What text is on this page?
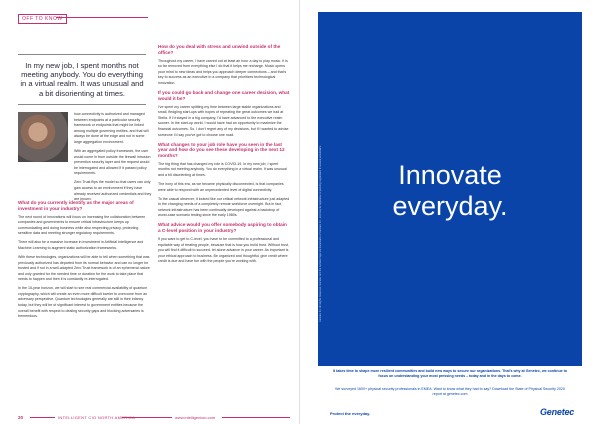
OFF TO KNOW
In my new job, I spent months not meeting anybody. You do everything in a virtual realm. It was unusual and a bit disorienting at times.

how connectivity is authorized and managed between endpoints at a particular security framework or endpoints that might be linked among multiple governing entities, and that will always be done at the edge and not in some large aggregation environment.

With an aggregated policy framework, the user would come in from outside the firewall intrusion prevention security layer and the request would be interrogated and allowed if it passed policy requirements.

Zero Trust flips the model so that users can only gain access to an environment if they have already received authorized credentials and they are known.

What do you currently identify as the major areas of investment in your industry?

The next round of innovations will focus on increasing the collaboration between companies and governments to ensure critical infrastructure keeps up communicating and doing business while also respecting privacy, protecting sensitive data and meeting stronger regulatory requirements.

There will also be a massive increase in investment in Artificial Intelligence and Machine Learning to augment static authorization frameworks.

With these technologies, organizations will be able to tell when something that was previously authorized has departed from its normal behavior and can no longer be trusted and if not in a well-adapted Zero Trust framework is of an ephemeral nature and only granted for the needed time or duration for the work to take place that needs to happen and then it is constantly re-interrogated.

In the 15-year horizon, we will start to see real commercial availability of quantum cryptography, which will create an even more difficult barrier to overcome from an adversary perspective. Quantum technologies generally are still in their infancy today, but they will be of significant interest to government entities because the overall benefit with respect to dealing security gaps and blocking adversaries is tremendous.

How do you deal with stress and unwind outside of the office?

Throughout my career, I have carved out at least an hour a day to play music. It is so far removed from everything else I do that it helps me recharge. Music opens your mind to new ideas and helps you approach deeper connections – and that's key to success as an executive in a company that prioritizes technological innovation.

If you could go back and change one career decision, what would it be?

I've spent my career splitting my time between large stable organizations and small, fledgling start-ups with hopes of repeating the great outcomes we had at Stella. If I'd stayed in a big company, I'd have advanced to the executive realm sooner. In the start-up world, I would have had an opportunity to maximize the financial outcomes. So, I don't regret any of my decisions, but if I wanted to advise someone I'd say you've got to choose one road.

What changes to your job role have you seen in the last year and how do you see these developing in the next 12 months?

The big thing that has changed my role is COVID-19. In my new job, I spent months not meeting anybody. You do everything in a virtual realm. It was unusual and a bit disorienting at times.

The irony of this era, as we became physically disconnected, is that companies were able to respond with an unprecedented level of digital connectivity.

To the casual observer, it looked like our critical network infrastructure just adapted to the changing needs of a completely remote workforce overnight. But in fact, network infrastructure has been continually developed against a backdrop of worst-case scenario testing since the early 1980s.

What advice would you offer somebody aspiring to obtain a C-level position in your industry?

If you want to get to C-level, you have to be committed to a professional and equitable way of treating people, because that is how you build trust. Without trust, you will find it difficult to succeed, let alone advance in your career. As important is your ethical approach to business. Be organized and thoughtful, give credit where credit is due and have fun with the people you're working with.

20	INTELLIGENT CIO NORTH AMERICA	www.intelligentcio.com
Genetec Inc. All Rights Reserved. Genetec and the Genetec logo are trademarks of Genetec Inc., and may be registered or pending registration in several jurisdictions.	Innovate everyday.
It takes time to shape more resilient communities and build new ways to secure our organizations. That's why at Genetec, we continue to focus on understanding your most pressing needs – today and in the days to come.
We surveyed 1600+ physical security professionals in EMEA. Want to know what they had to say? Download the State of Physical Security 2020 report at genetec.com
Protect the everyday.	Genetec
